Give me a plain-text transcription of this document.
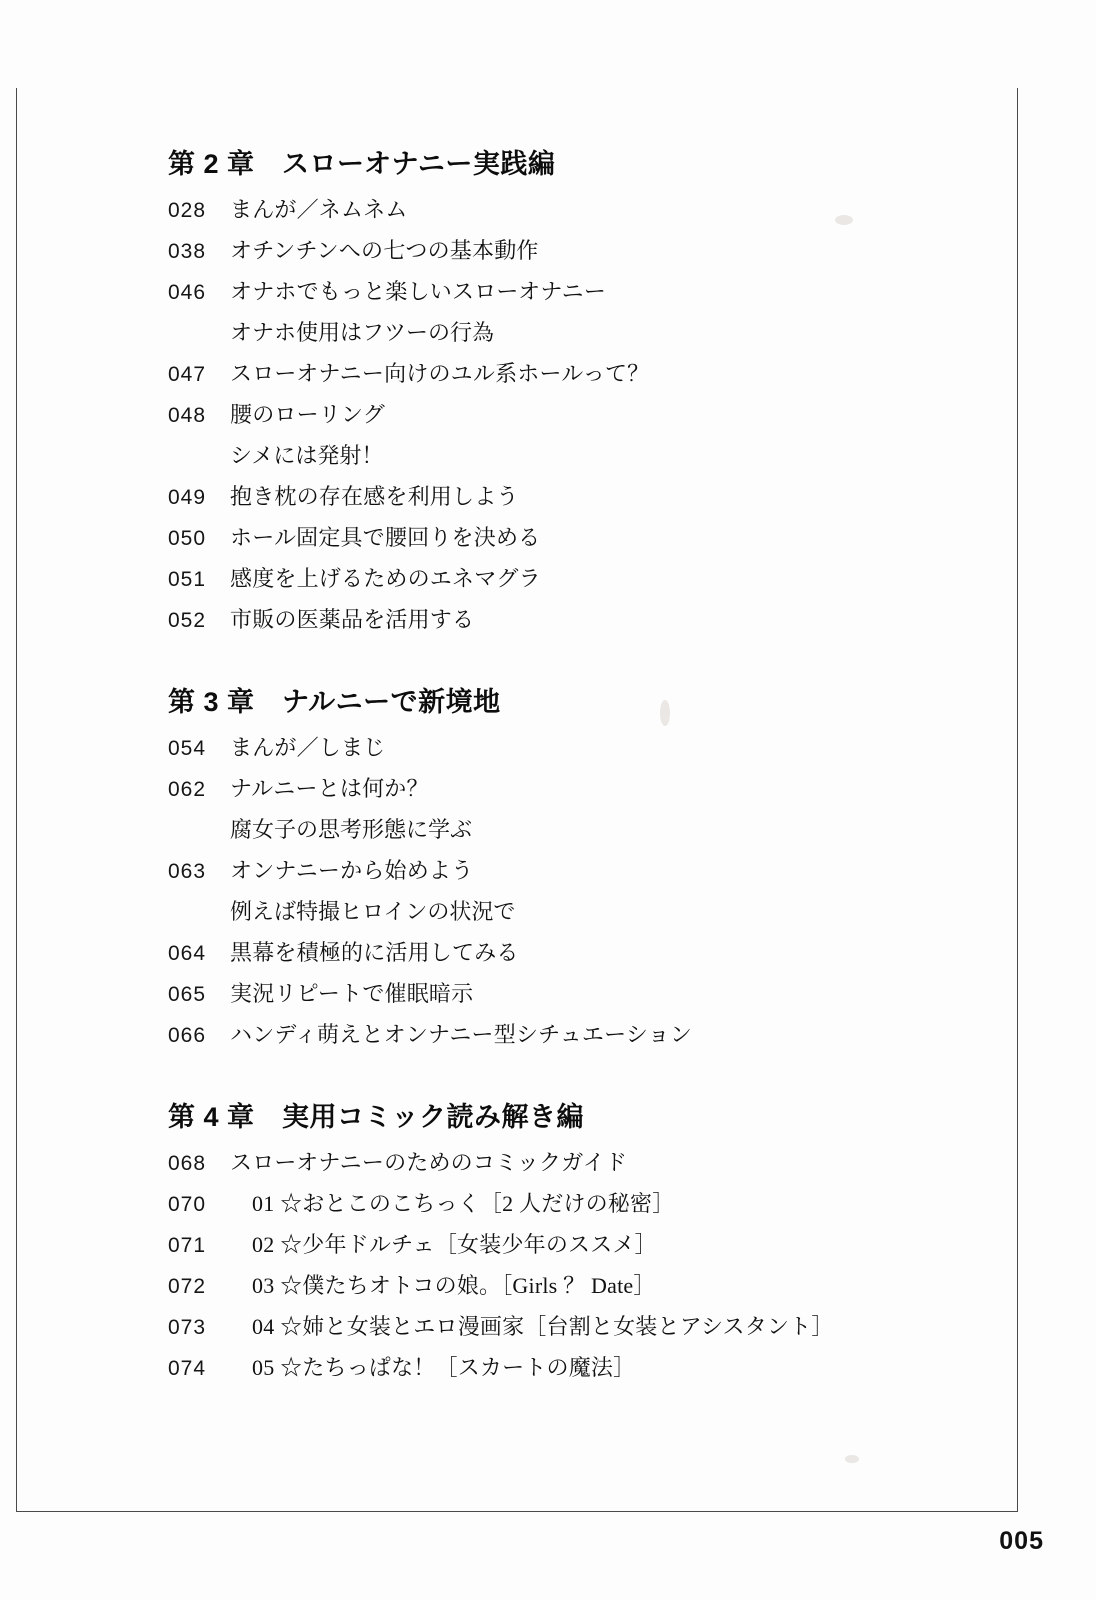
第 2 章　スローオナニー実践編
028	まんが／ネムネム
038	オチンチンへの七つの基本動作
046	オナホでもっと楽しいスローオナニー
オナホ使用はフツーの行為
047	スローオナニー向けのユル系ホールって？
048	腰のローリング
シメには発射！
049	抱き枕の存在感を利用しよう
050	ホール固定具で腰回りを決める
051	感度を上げるためのエネマグラ
052	市販の医薬品を活用する
第 3 章　ナルニーで新境地
054	まんが／しまじ
062	ナルニーとは何か？
腐女子の思考形態に学ぶ
063	オンナニーから始めよう
例えば特撮ヒロインの状況で
064	黒幕を積極的に活用してみる
065	実況リピートで催眠暗示
066	ハンディ萌えとオンナニー型シチュエーション
第 4 章　実用コミック読み解き編
068	スローオナニーのためのコミックガイド
070	01 ☆おとこのこちっく［2 人だけの秘密］
071	02 ☆少年ドルチェ［女装少年のススメ］
072	03 ☆僕たちオトコの娘。［Girls ？ Date］
073	04 ☆姉と女装とエロ漫画家［台割と女装とアシスタント］
074	05 ☆たちっぱな！［スカートの魔法］
005
